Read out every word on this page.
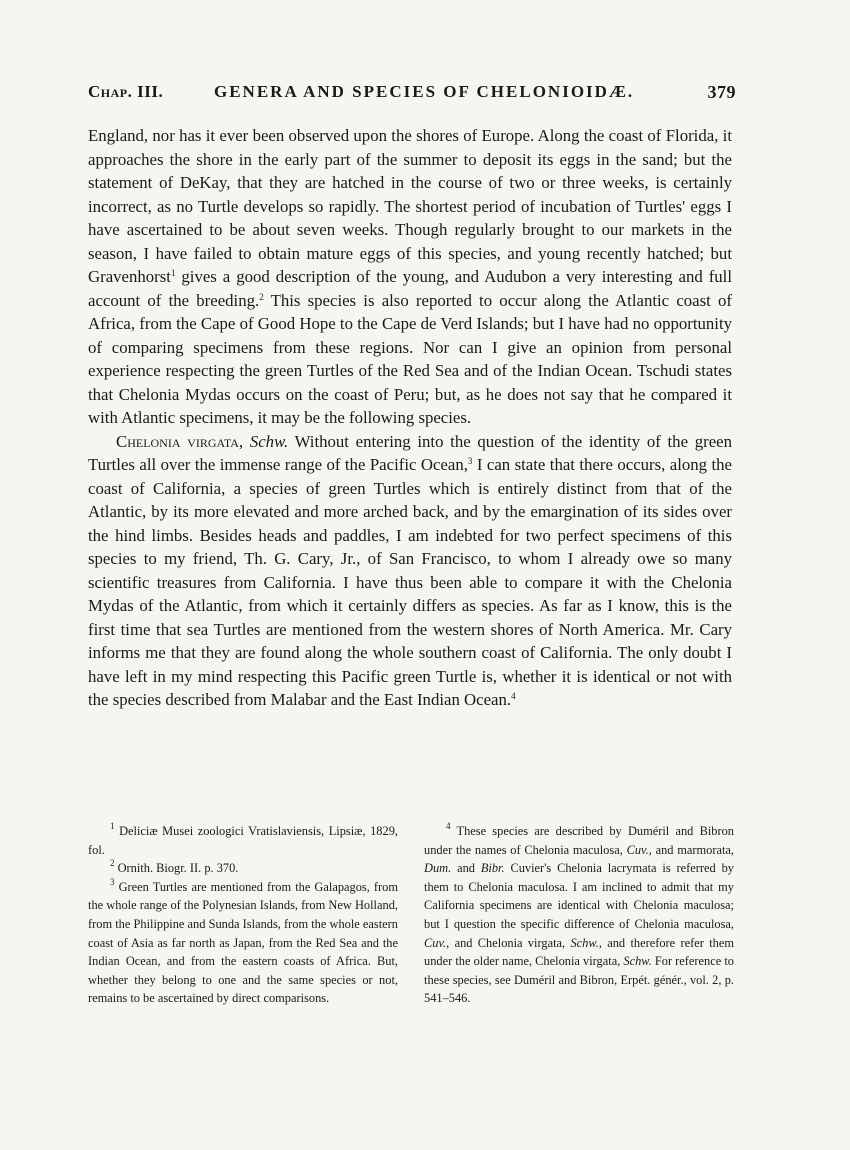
Chap. III.	GENERA AND SPECIES OF CHELONIOIDÆ.	379

England, nor has it ever been observed upon the shores of Europe. Along the coast of Florida, it approaches the shore in the early part of the summer to deposit its eggs in the sand; but the statement of DeKay, that they are hatched in the course of two or three weeks, is certainly incorrect, as no Turtle develops so rapidly. The shortest period of incubation of Turtles' eggs I have ascertained to be about seven weeks. Though regularly brought to our markets in the season, I have failed to obtain mature eggs of this species, and young recently hatched; but Gravenhorst$^1$ gives a good description of the young, and Audubon a very interesting and full account of the breeding.$^2$ This species is also reported to occur along the Atlantic coast of Africa, from the Cape of Good Hope to the Cape de Verd Islands; but I have had no opportunity of comparing specimens from these regions. Nor can I give an opinion from personal experience respecting the green Turtles of the Red Sea and of the Indian Ocean. Tschudi states that Chelonia Mydas occurs on the coast of Peru; but, as he does not say that he compared it with Atlantic specimens, it may be the following species.

Chelonia virgata, Schw. Without entering into the question of the identity of the green Turtles all over the immense range of the Pacific Ocean,$^3$ I can state that there occurs, along the coast of California, a species of green Turtles which is entirely distinct from that of the Atlantic, by its more elevated and more arched back, and by the emargination of its sides over the hind limbs. Besides heads and paddles, I am indebted for two perfect specimens of this species to my friend, Th. G. Cary, Jr., of San Francisco, to whom I already owe so many scientific treasures from California. I have thus been able to compare it with the Chelonia Mydas of the Atlantic, from which it certainly differs as species. As far as I know, this is the first time that sea Turtles are mentioned from the western shores of North America. Mr. Cary informs me that they are found along the whole southern coast of California. The only doubt I have left in my mind respecting this Pacific green Turtle is, whether it is identical or not with the species described from Malabar and the East Indian Ocean.$^4$

$^1$ Deliciæ Musei zoologici Vratislaviensis, Lipsiæ, 1829, fol.

$^2$ Ornith. Biogr. II. p. 370.

$^3$ Green Turtles are mentioned from the Galapagos, from the whole range of the Polynesian Islands, from New Holland, from the Philippine and Sunda Islands, from the whole eastern coast of Asia as far north as Japan, from the Red Sea and the Indian Ocean, and from the eastern coasts of Africa. But, whether they belong to one and the same species or not, remains to be ascertained by direct comparisons.

$^4$ These species are described by Duméril and Bibron under the names of Chelonia maculosa, Cuv., and marmorata, Dum. and Bibr. Cuvier's Chelonia lacrymata is referred by them to Chelonia maculosa. I am inclined to admit that my California specimens are identical with Chelonia maculosa; but I question the specific difference of Chelonia maculosa, Cuv., and Chelonia virgata, Schw., and therefore refer them under the older name, Chelonia virgata, Schw. For reference to these species, see Duméril and Bibron, Erpét. génér., vol. 2, p. 541–546.
